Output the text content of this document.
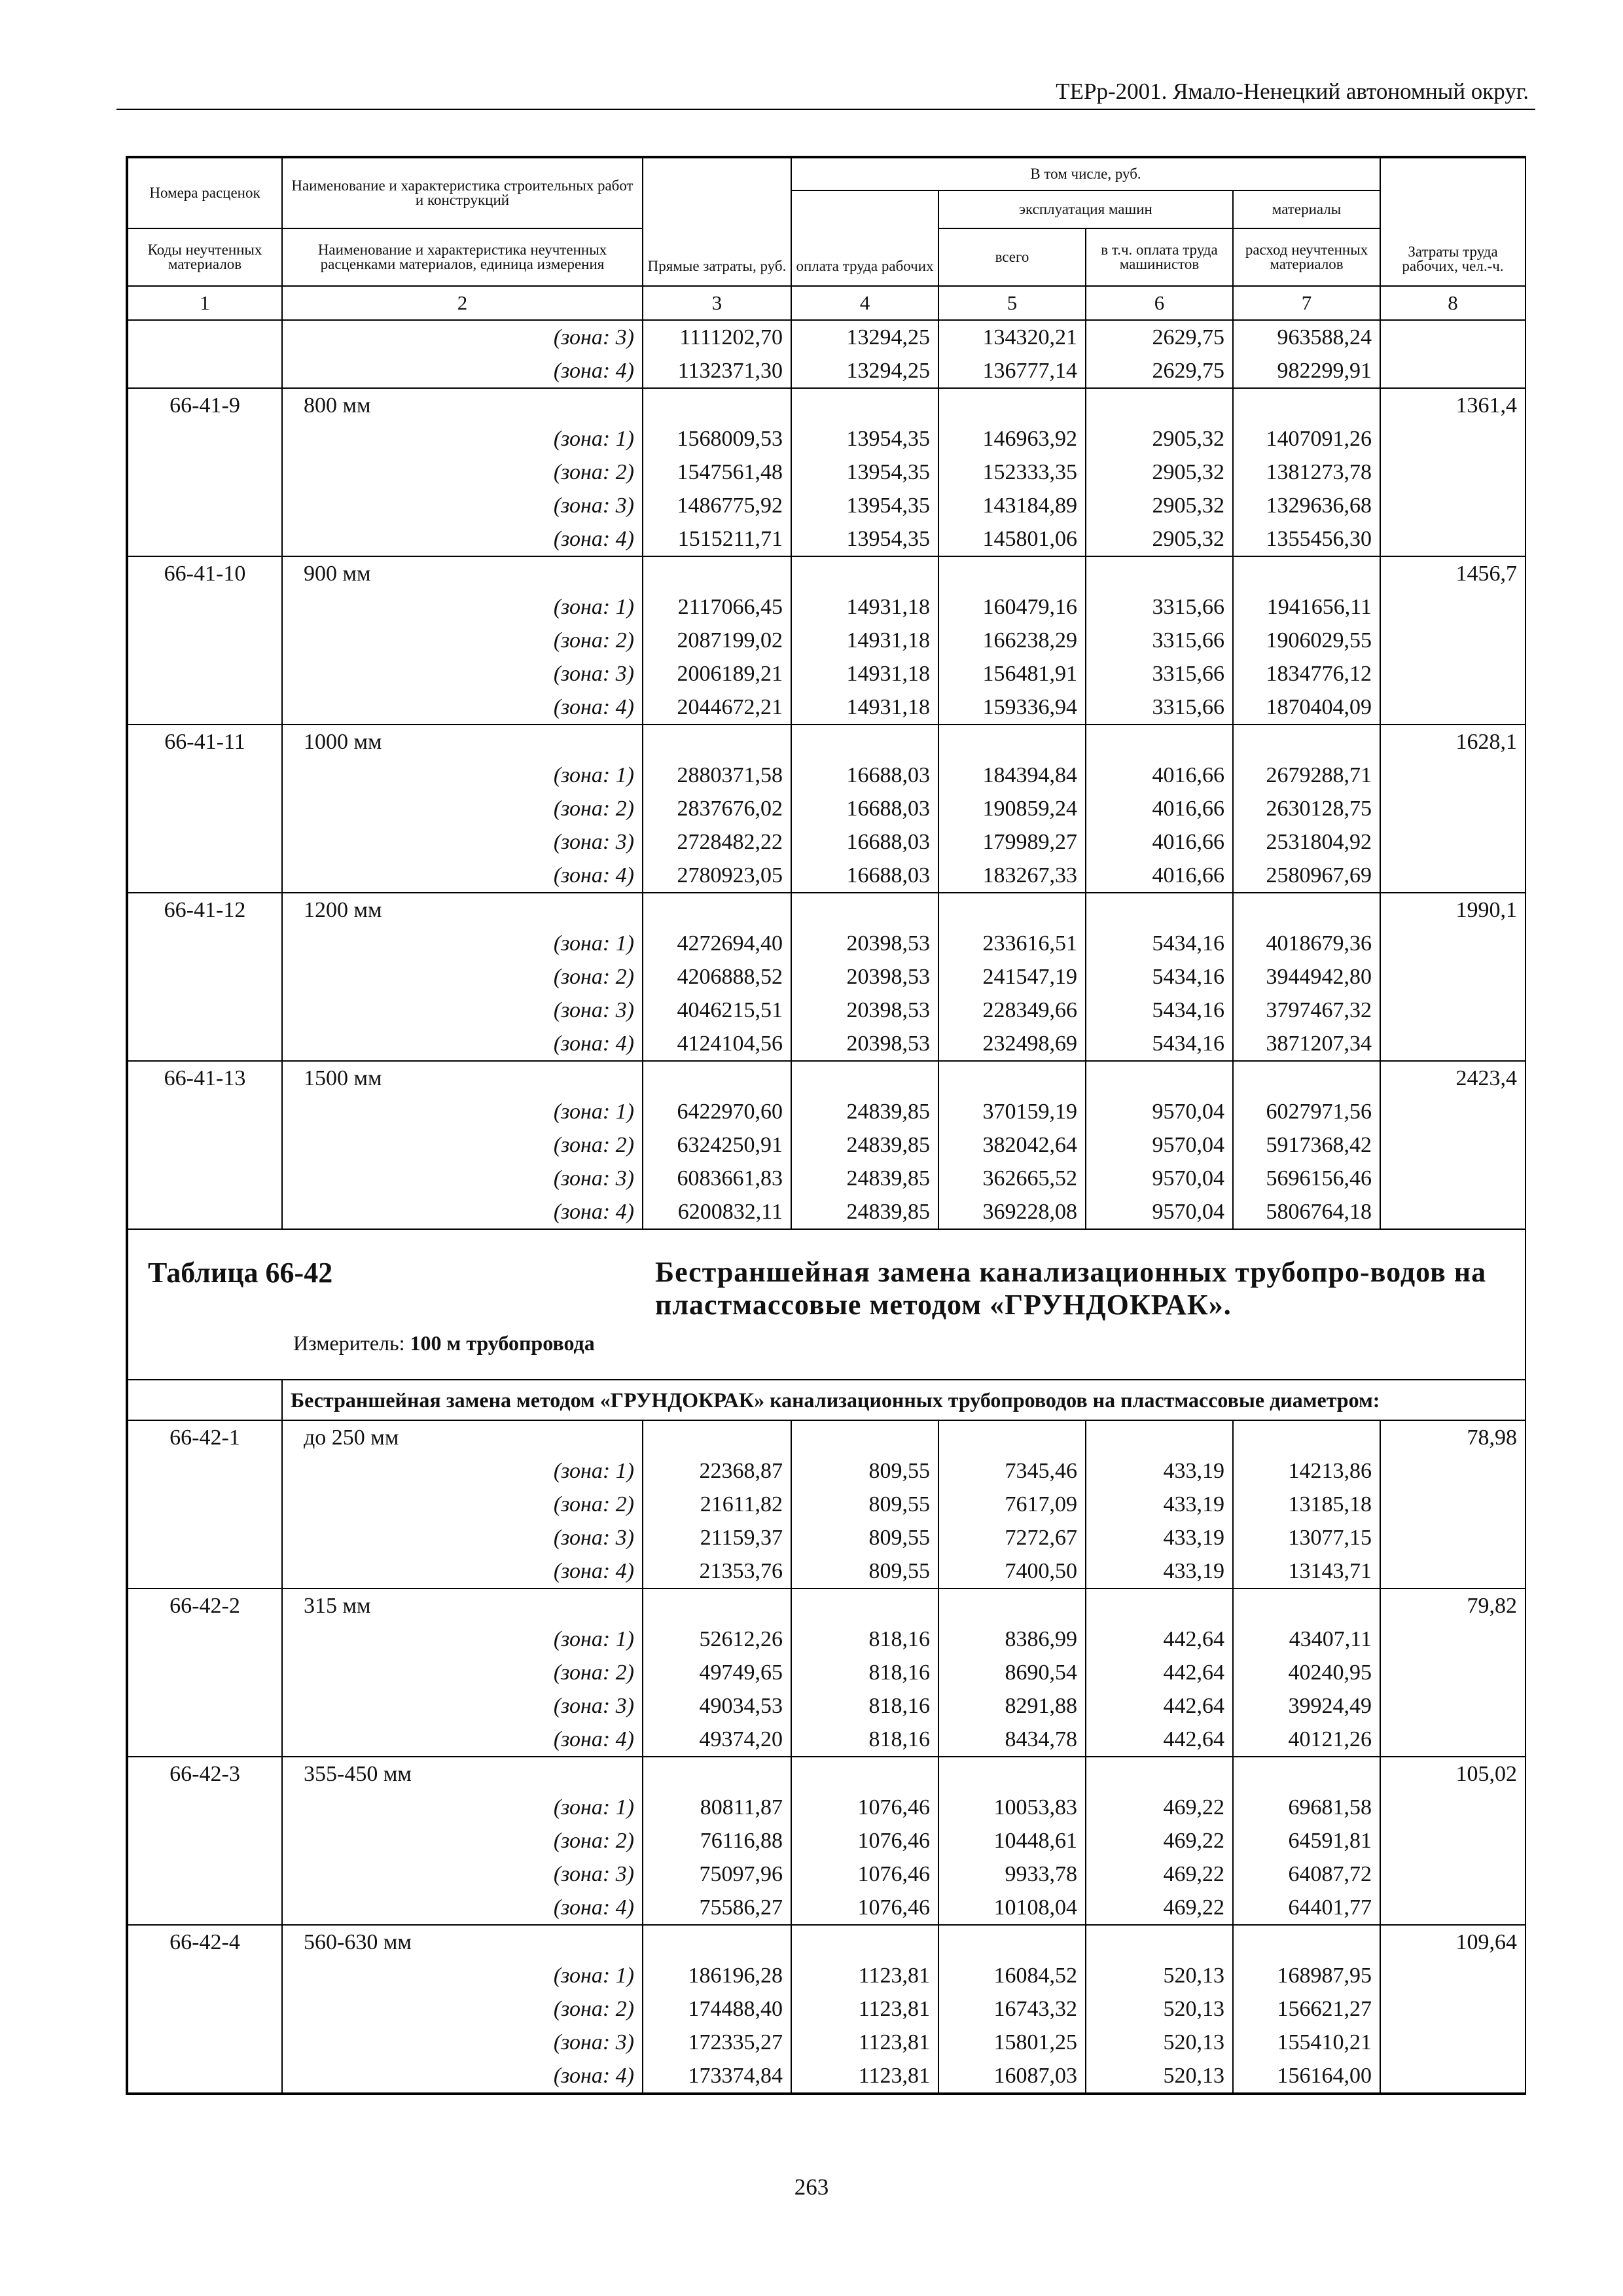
ТЕРр-2001. Ямало-Ненецкий автономный округ.
Номера расценок	Наименование и характеристика строительных работ и конструкций	Прямые затраты, руб.	В том числе, руб.				Затраты труда рабочих, чел.-ч.
			оплата труда рабочих	эксплуатация машин		материалы	
Коды неучтенных материалов	Наименование и характеристика неучтенных расценками материалов, единица измерения			всего	в т.ч. оплата труда машинистов	расход неучтенных материалов	
1	2	3	4	5	6	7	8
	(зона: 3)	1111202,70	13294,25	134320,21	2629,75	963588,24	
	(зона: 4)	1132371,30	13294,25	136777,14	2629,75	982299,91	
66-41-9	800 мм						1361,4
	(зона: 1)	1568009,53	13954,35	146963,92	2905,32	1407091,26	
	(зона: 2)	1547561,48	13954,35	152333,35	2905,32	1381273,78	
	(зона: 3)	1486775,92	13954,35	143184,89	2905,32	1329636,68	
	(зона: 4)	1515211,71	13954,35	145801,06	2905,32	1355456,30	
66-41-10	900 мм						1456,7
	(зона: 1)	2117066,45	14931,18	160479,16	3315,66	1941656,11	
	(зона: 2)	2087199,02	14931,18	166238,29	3315,66	1906029,55	
	(зона: 3)	2006189,21	14931,18	156481,91	3315,66	1834776,12	
	(зона: 4)	2044672,21	14931,18	159336,94	3315,66	1870404,09	
66-41-11	1000 мм						1628,1
	(зона: 1)	2880371,58	16688,03	184394,84	4016,66	2679288,71	
	(зона: 2)	2837676,02	16688,03	190859,24	4016,66	2630128,75	
	(зона: 3)	2728482,22	16688,03	179989,27	4016,66	2531804,92	
	(зона: 4)	2780923,05	16688,03	183267,33	4016,66	2580967,69	
66-41-12	1200 мм						1990,1
	(зона: 1)	4272694,40	20398,53	233616,51	5434,16	4018679,36	
	(зона: 2)	4206888,52	20398,53	241547,19	5434,16	3944942,80	
	(зона: 3)	4046215,51	20398,53	228349,66	5434,16	3797467,32	
	(зона: 4)	4124104,56	20398,53	232498,69	5434,16	3871207,34	
66-41-13	1500 мм						2423,4
	(зона: 1)	6422970,60	24839,85	370159,19	9570,04	6027971,56	
	(зона: 2)	6324250,91	24839,85	382042,64	9570,04	5917368,42	
	(зона: 3)	6083661,83	24839,85	362665,52	9570,04	5696156,46	
	(зона: 4)	6200832,11	24839,85	369228,08	9570,04	5806764,18	

Таблица 66-42 Бестраншейная замена канализационных трубопро-водов на пластмассовые методом «ГРУНДОКРАК».
Измеритель: 100 м трубопровода							

	Бестраншейная замена методом «ГРУНДОКРАК» канализационных трубопроводов на пластмассовые диаметром:						
66-42-1	до 250 мм						78,98
	(зона: 1)	22368,87	809,55	7345,46	433,19	14213,86	
	(зона: 2)	21611,82	809,55	7617,09	433,19	13185,18	
	(зона: 3)	21159,37	809,55	7272,67	433,19	13077,15	
	(зона: 4)	21353,76	809,55	7400,50	433,19	13143,71	
66-42-2	315 мм						79,82
	(зона: 1)	52612,26	818,16	8386,99	442,64	43407,11	
	(зона: 2)	49749,65	818,16	8690,54	442,64	40240,95	
	(зона: 3)	49034,53	818,16	8291,88	442,64	39924,49	
	(зона: 4)	49374,20	818,16	8434,78	442,64	40121,26	
66-42-3	355-450 мм						105,02
	(зона: 1)	80811,87	1076,46	10053,83	469,22	69681,58	
	(зона: 2)	76116,88	1076,46	10448,61	469,22	64591,81	
	(зона: 3)	75097,96	1076,46	9933,78	469,22	64087,72	
	(зона: 4)	75586,27	1076,46	10108,04	469,22	64401,77	
66-42-4	560-630 мм						109,64
	(зона: 1)	186196,28	1123,81	16084,52	520,13	168987,95	
	(зона: 2)	174488,40	1123,81	16743,32	520,13	156621,27	
	(зона: 3)	172335,27	1123,81	15801,25	520,13	155410,21	
	(зона: 4)	173374,84	1123,81	16087,03	520,13	156164,00	
263
